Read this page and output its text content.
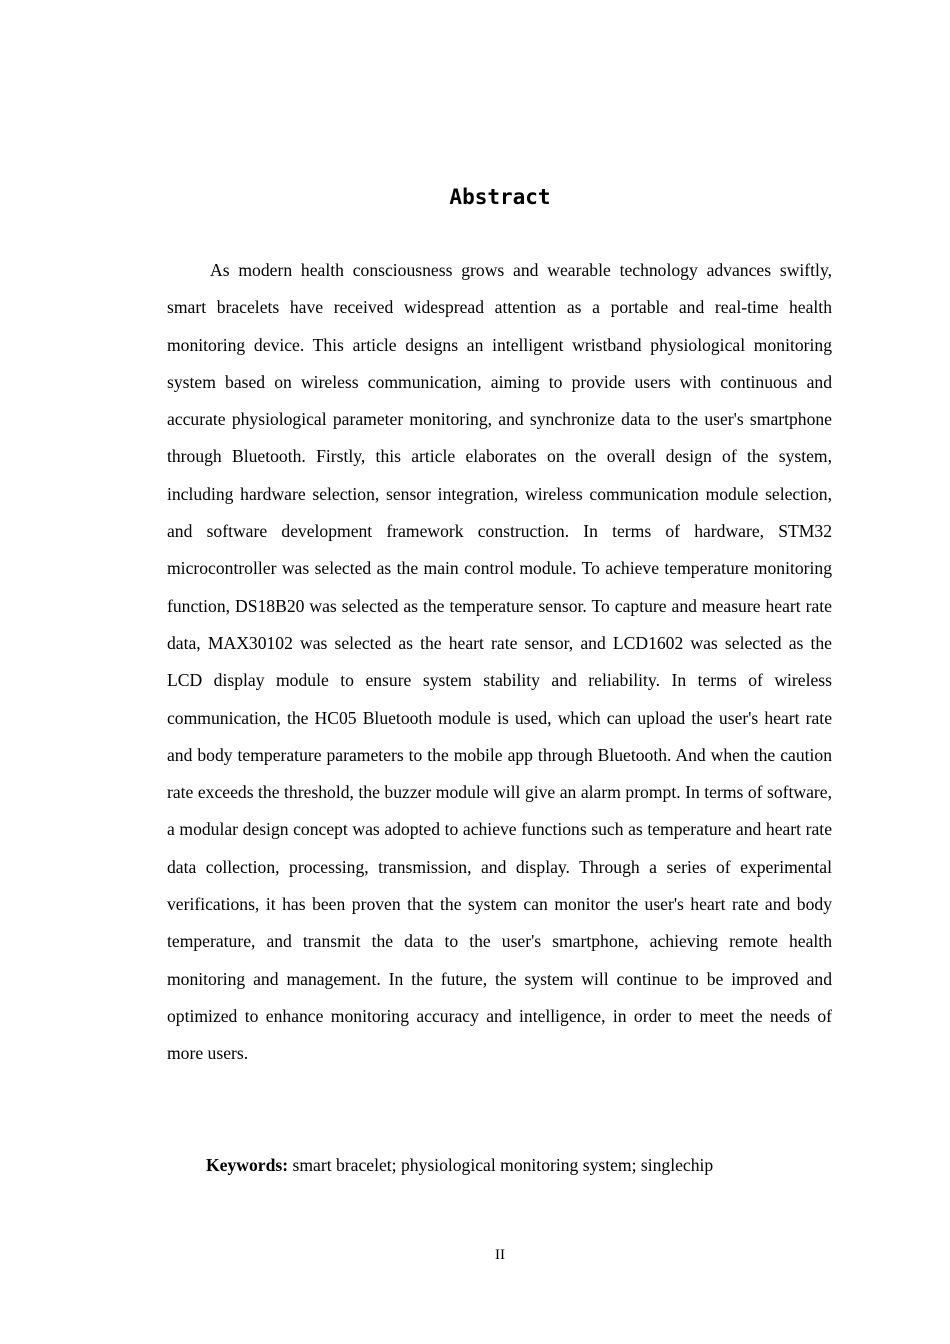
Abstract

As modern health consciousness grows and wearable technology advances swiftly, smart bracelets have received widespread attention as a portable and real-time health monitoring device. This article designs an intelligent wristband physiological monitoring system based on wireless communication, aiming to provide users with continuous and accurate physiological parameter monitoring, and synchronize data to the user's smartphone through Bluetooth. Firstly, this article elaborates on the overall design of the system, including hardware selection, sensor integration, wireless communication module selection, and software development framework construction. In terms of hardware, STM32 microcontroller was selected as the main control module. To achieve temperature monitoring function, DS18B20 was selected as the temperature sensor. To capture and measure heart rate data, MAX30102 was selected as the heart rate sensor, and LCD1602 was selected as the LCD display module to ensure system stability and reliability. In terms of wireless communication, the HC05 Bluetooth module is used, which can upload the user's heart rate and body temperature parameters to the mobile app through Bluetooth. And when the caution rate exceeds the threshold, the buzzer module will give an alarm prompt. In terms of software, a modular design concept was adopted to achieve functions such as temperature and heart rate data collection, processing, transmission, and display. Through a series of experimental verifications, it has been proven that the system can monitor the user's heart rate and body temperature, and transmit the data to the user's smartphone, achieving remote health monitoring and management. In the future, the system will continue to be improved and optimized to enhance monitoring accuracy and intelligence, in order to meet the needs of more users.

Keywords: smart bracelet; physiological monitoring system; singlechip

II
